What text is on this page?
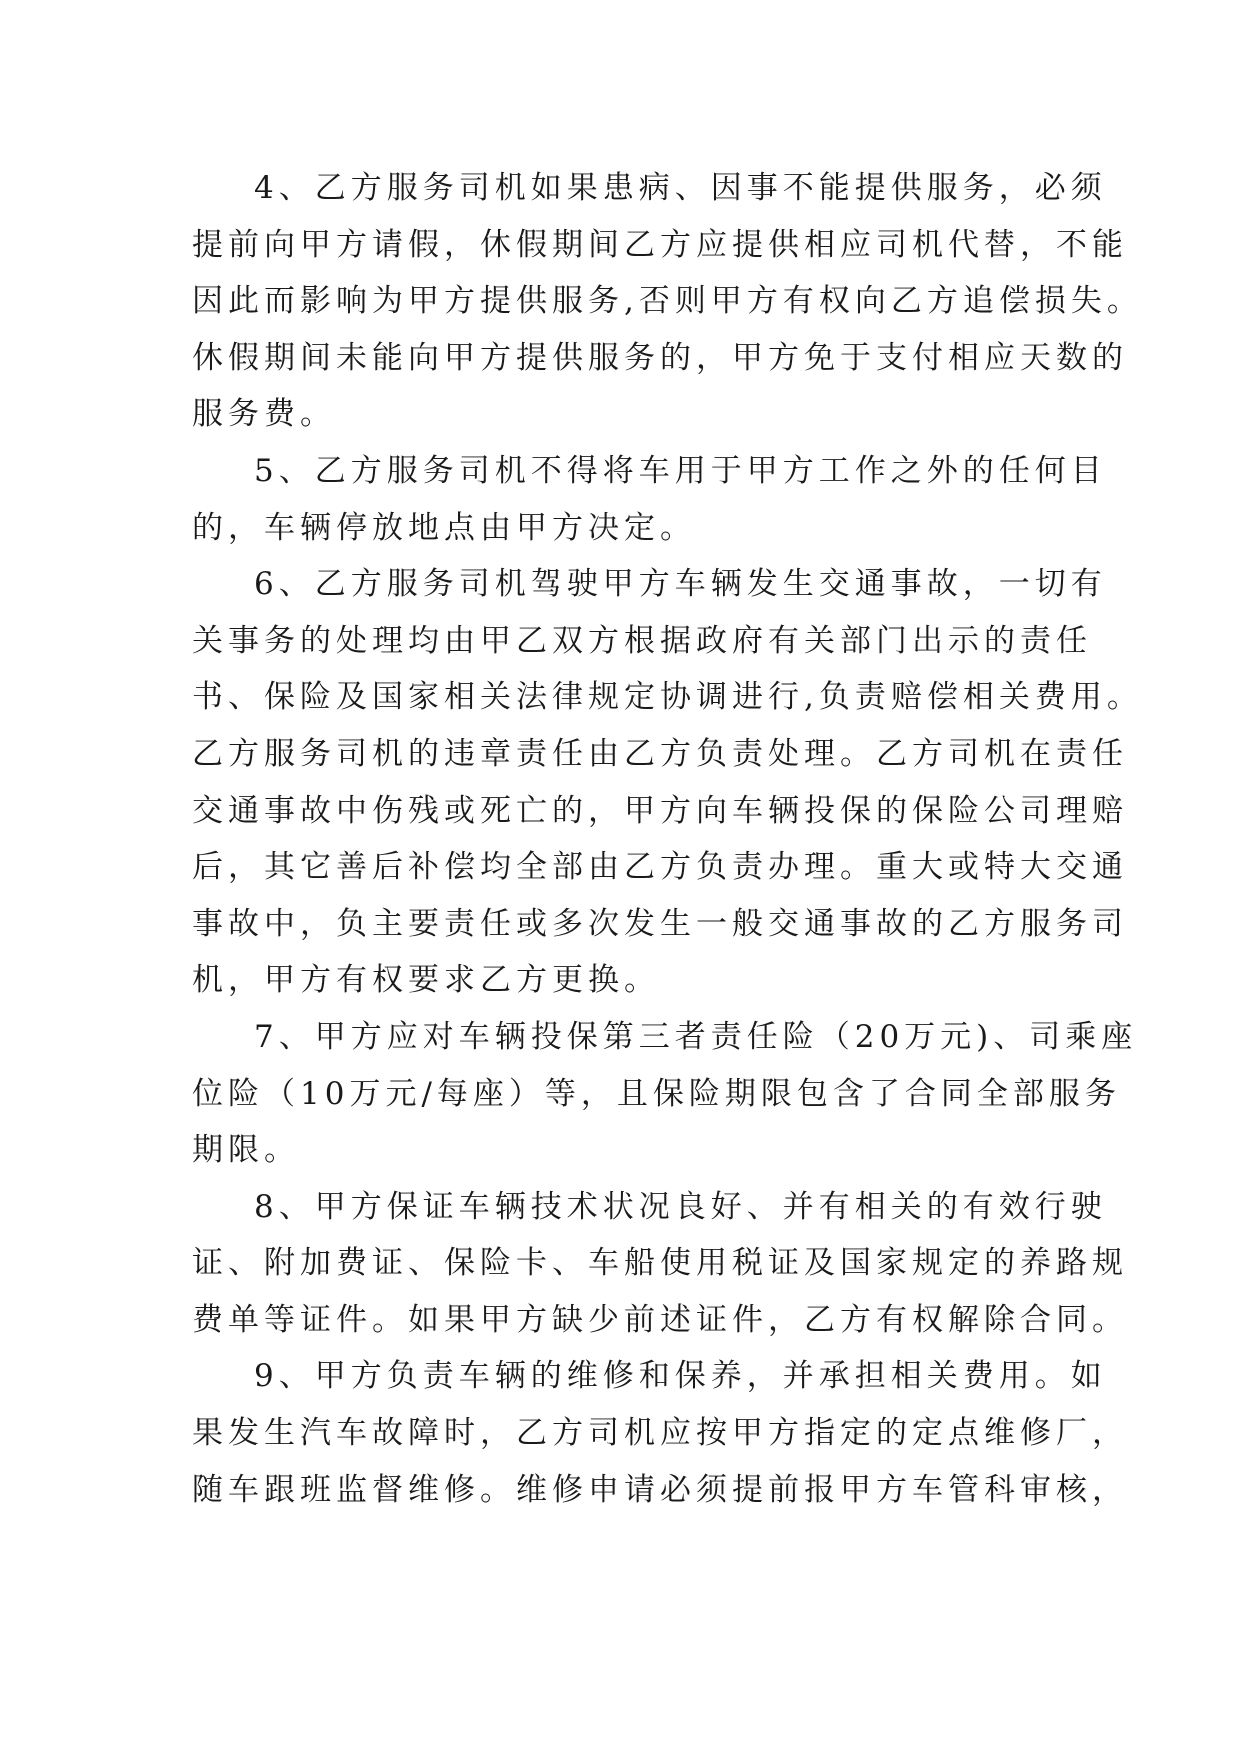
4、乙方服务司机如果患病、因事不能提供服务，必须
提前向甲方请假，休假期间乙方应提供相应司机代替，不能
因此而影响为甲方提供服务,否则甲方有权向乙方追偿损失。
休假期间未能向甲方提供服务的，甲方免于支付相应天数的
服务费。
5、乙方服务司机不得将车用于甲方工作之外的任何目
的，车辆停放地点由甲方决定。
6、乙方服务司机驾驶甲方车辆发生交通事故，一切有
关事务的处理均由甲乙双方根据政府有关部门出示的责任
书、保险及国家相关法律规定协调进行,负责赔偿相关费用。
乙方服务司机的违章责任由乙方负责处理。乙方司机在责任
交通事故中伤残或死亡的，甲方向车辆投保的保险公司理赔
后，其它善后补偿均全部由乙方负责办理。重大或特大交通
事故中，负主要责任或多次发生一般交通事故的乙方服务司
机，甲方有权要求乙方更换。
7、甲方应对车辆投保第三者责任险（20万元)、司乘座
位险（10万元/每座）等，且保险期限包含了合同全部服务
期限。
8、甲方保证车辆技术状况良好、并有相关的有效行驶
证、附加费证、保险卡、车船使用税证及国家规定的养路规
费单等证件。如果甲方缺少前述证件，乙方有权解除合同。
9、甲方负责车辆的维修和保养，并承担相关费用。如
果发生汽车故障时，乙方司机应按甲方指定的定点维修厂，
随车跟班监督维修。维修申请必须提前报甲方车管科审核，
